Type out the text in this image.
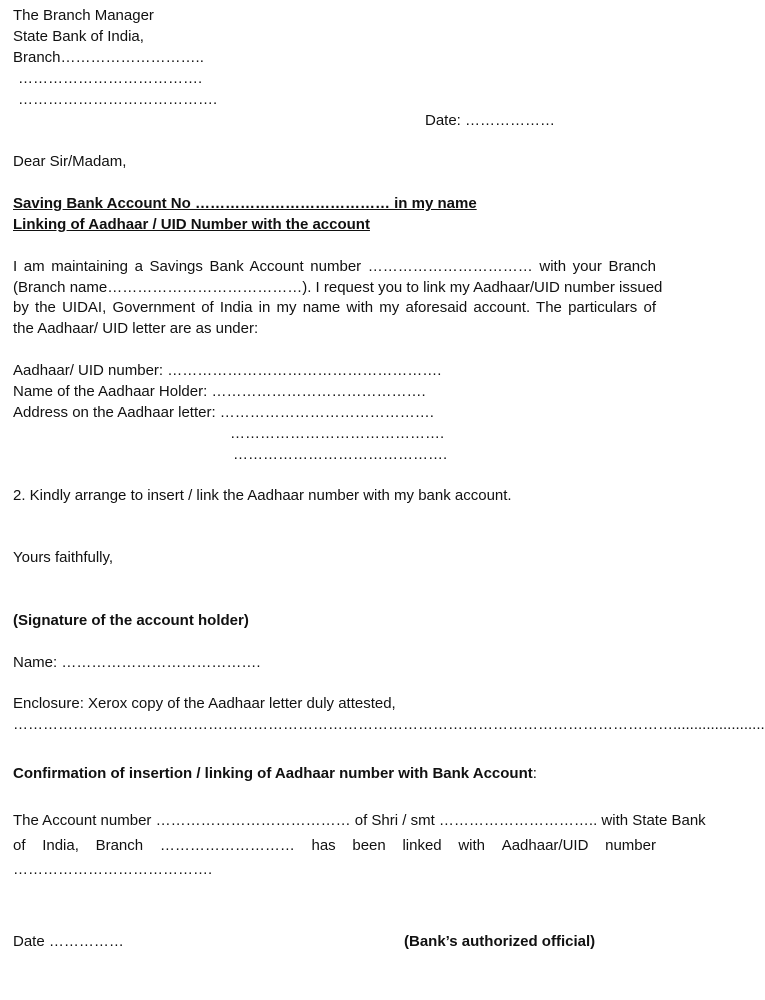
The Branch Manager
State Bank of India,
Branch………………………..
……………………………….
………………………………….
Date: ………………
Dear Sir/Madam,
Saving Bank Account No ………………………………… in my name
Linking of Aadhaar / UID Number with the account
I am maintaining a Savings Bank Account number …………………………… with your Branch
(Branch name…………………………………). I request you to link my Aadhaar/UID number issued
by the UIDAI, Government of India in my name with my aforesaid account. The particulars of
the Aadhaar/ UID letter are as under:
Aadhaar/ UID number: ……………………………………………….
Name of the Aadhaar Holder: …………………………………….
Address on the Aadhaar letter: …………………………………….
…………………………………….
…………………………………….
2. Kindly arrange to insert / link the Aadhaar number with my bank account.
Yours faithfully,
(Signature of the account holder)
Name: ………………………………….
Enclosure: Xerox copy of the Aadhaar letter duly attested,
……………………………………………………………………………………………………………………......................
Confirmation of insertion / linking of Aadhaar number with Bank Account:
The Account number ………………………………… of Shri / smt ………………………….. with State Bank
of India, Branch ……………………… has been linked with Aadhaar/UID number
………………………………….
Date ……………	(Bank’s authorized official)
